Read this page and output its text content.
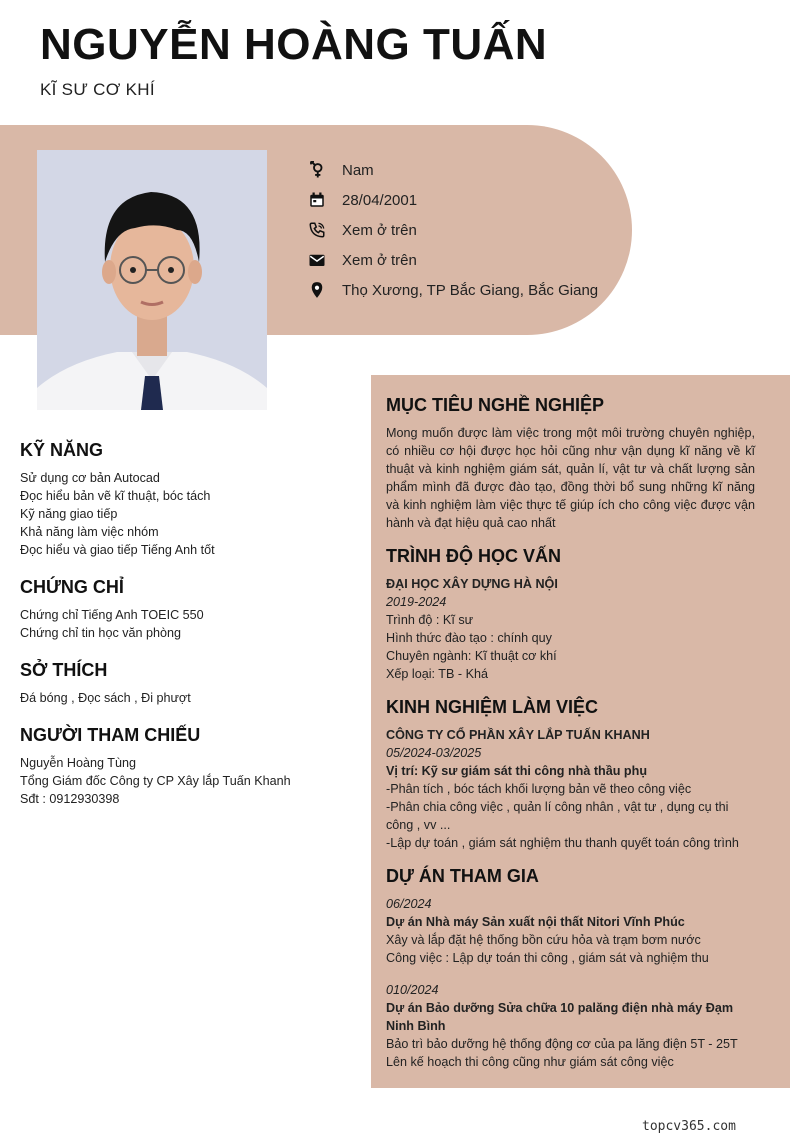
NGUYỄN HOÀNG TUẤN
KĨ SƯ CƠ KHÍ
Nam
28/04/2001
Xem ở trên
Xem ở trên
Thọ Xương, TP Bắc Giang, Bắc Giang
KỸ NĂNG
Sử dụng cơ bản Autocad
Đọc hiểu bản vẽ kĩ thuật, bóc tách
Kỹ năng giao tiếp
Khả năng làm việc nhóm
Đọc hiểu và giao tiếp Tiếng Anh tốt
CHỨNG CHỈ
Chứng chỉ Tiếng Anh TOEIC 550
Chứng chỉ tin học văn phòng
SỞ THÍCH
Đá bóng , Đọc sách , Đi phượt
NGƯỜI THAM CHIẾU
Nguyễn Hoàng Tùng
Tổng Giám đốc Công ty CP Xây lắp Tuấn Khanh
Sđt : 0912930398
MỤC TIÊU NGHỀ NGHIỆP
Mong muốn được làm việc trong một môi trường chuyên nghiệp, có nhiều cơ hội được học hỏi cũng như vận dụng kĩ năng về kĩ thuật và kinh nghiệm giám sát, quản lí, vật tư và chất lượng sản phẩm mình đã được đào tạo, đồng thời bổ sung những kĩ năng và kinh nghiệm làm việc thực tế giúp ích cho công việc được vận hành và đạt hiệu quả cao nhất
TRÌNH ĐỘ HỌC VẤN
ĐẠI HỌC XÂY DỰNG HÀ NỘI
2019-2024
Trình độ : Kĩ sư
Hình thức đào tạo : chính quy
Chuyên ngành: Kĩ thuật cơ khí
Xếp loại: TB - Khá
KINH NGHIỆM LÀM VIỆC
CÔNG TY CỔ PHẦN XÂY LẮP TUẤN KHANH
05/2024-03/2025
Vị trí: Kỹ sư giám sát thi công nhà thầu phụ
-Phân tích , bóc tách khối lượng bản vẽ theo công việc
-Phân chia công việc , quản lí công nhân , vật tư , dụng cụ thi công , vv ...
-Lập dự toán , giám sát nghiệm thu thanh quyết toán công trình
DỰ ÁN THAM GIA
06/2024
Dự án Nhà máy Sản xuất nội thất Nitori Vĩnh Phúc
Xây và lắp đặt hệ thống bồn cứu hỏa và trạm bơm nước
Công việc : Lập dự toán thi công , giám sát và nghiệm thu
010/2024
Dự án Bảo dưỡng Sửa chữa 10 palăng điện nhà máy Đạm Ninh Bình
Bảo trì bảo dưỡng hệ thống động cơ của pa lăng điện 5T - 25T
Lên kế hoạch thi công cũng như giám sát công việc
topcv365.com
